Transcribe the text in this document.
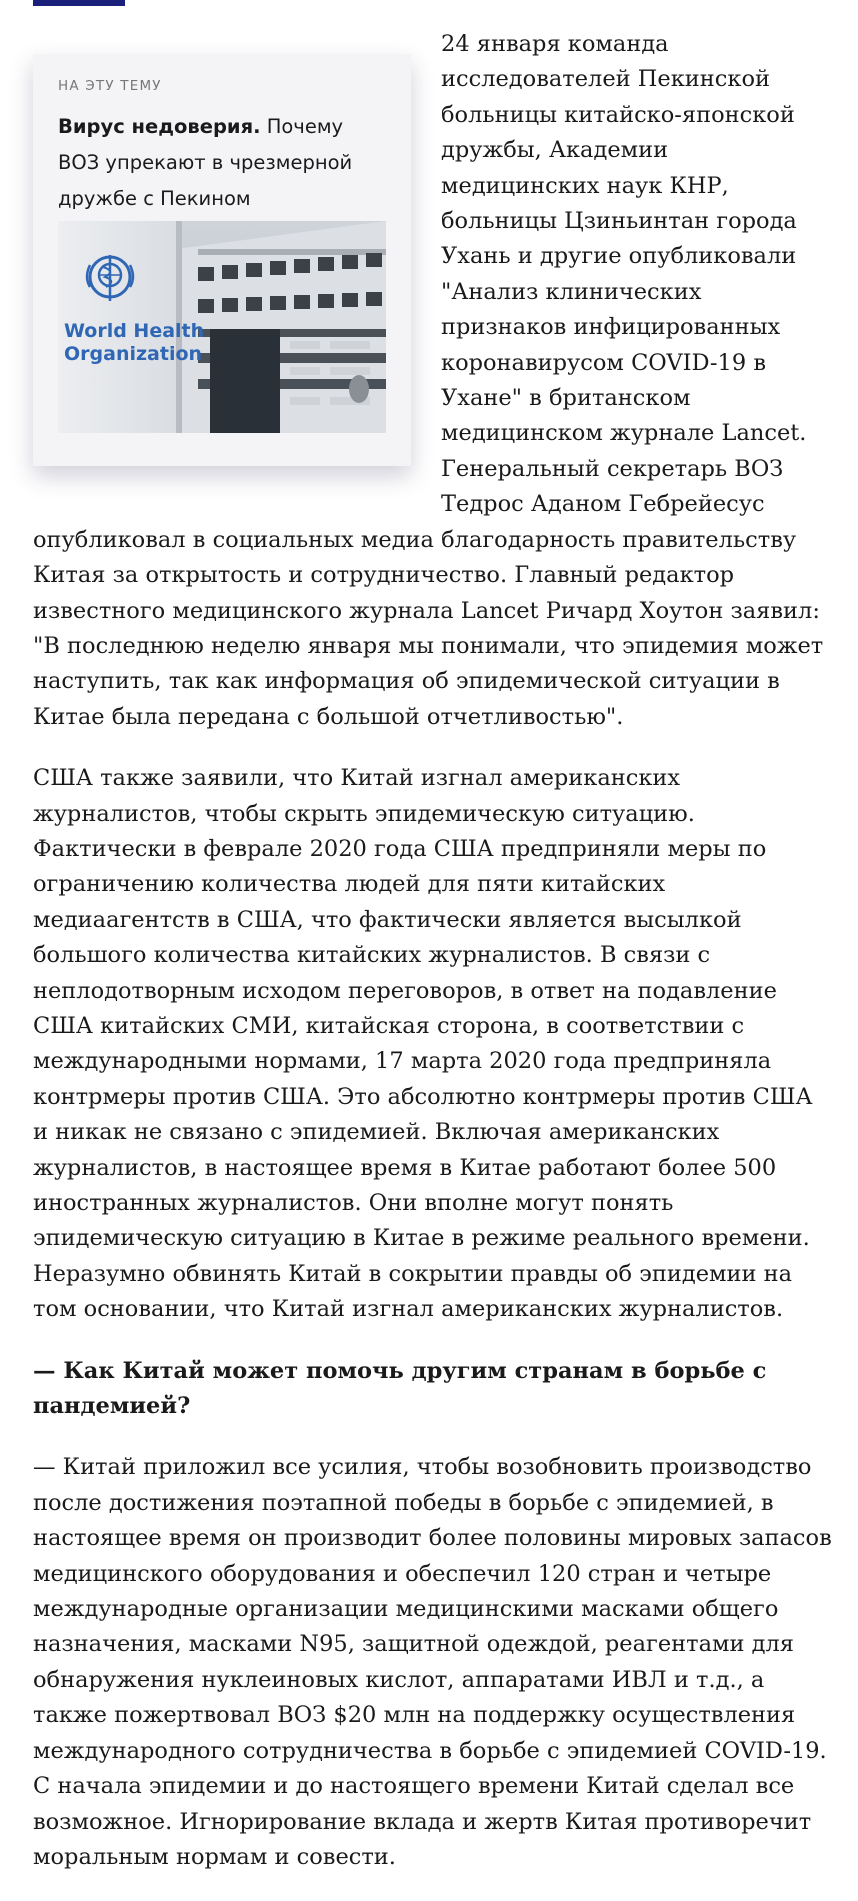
НА ЭТУ ТЕМУ
Вирус недоверия. Почему ВОЗ упрекают в чрезмерной дружбе с Пекином
World Health
Organization

24 января команда исследователей Пекинской больницы китайско-японской дружбы, Академии медицинских наук КНР, больницы Цзиньинтан города Ухань и другие опубликовали "Анализ клинических признаков инфицированных коронавирусом COVID-19 в Ухане" в британском медицинском журнале Lancet. Генеральный секретарь ВОЗ Тедрос Аданом Гебрейесус опубликовал в социальных медиа благодарность правительству Китая за открытость и сотрудничество. Главный редактор известного медицинского журнала Lancet Ричард Хоутон заявил: "В последнюю неделю января мы понимали, что эпидемия может наступить, так как информация об эпидемической ситуации в Китае была передана с большой отчетливостью".

США также заявили, что Китай изгнал американских журналистов, чтобы скрыть эпидемическую ситуацию. Фактически в феврале 2020 года США предприняли меры по ограничению количества людей для пяти китайских медиаагентств в США, что фактически является высылкой большого количества китайских журналистов. В связи с неплодотворным исходом переговоров, в ответ на подавление США китайских СМИ, китайская сторона, в соответствии с международными нормами, 17 марта 2020 года предприняла контрмеры против США. Это абсолютно контрмеры против США и никак не связано с эпидемией. Включая американских журналистов, в настоящее время в Китае работают более 500 иностранных журналистов. Они вполне могут понять эпидемическую ситуацию в Китае в режиме реального времени. Неразумно обвинять Китай в сокрытии правды об эпидемии на том основании, что Китай изгнал американских журналистов.

— Как Китай может помочь другим странам в борьбе с пандемией?

— Китай приложил все усилия, чтобы возобновить производство после достижения поэтапной победы в борьбе с эпидемией, в настоящее время он производит более половины мировых запасов медицинского оборудования и обеспечил 120 стран и четыре международные организации медицинскими масками общего назначения, масками N95, защитной одеждой, реагентами для обнаружения нуклеиновых кислот, аппаратами ИВЛ и т.д., а также пожертвовал ВОЗ $20 млн на поддержку осуществления международного сотрудничества в борьбе с эпидемией COVID-19. С начала эпидемии и до настоящего времени Китай сделал все возможное. Игнорирование вклада и жертв Китая противоречит моральным нормам и совести.
